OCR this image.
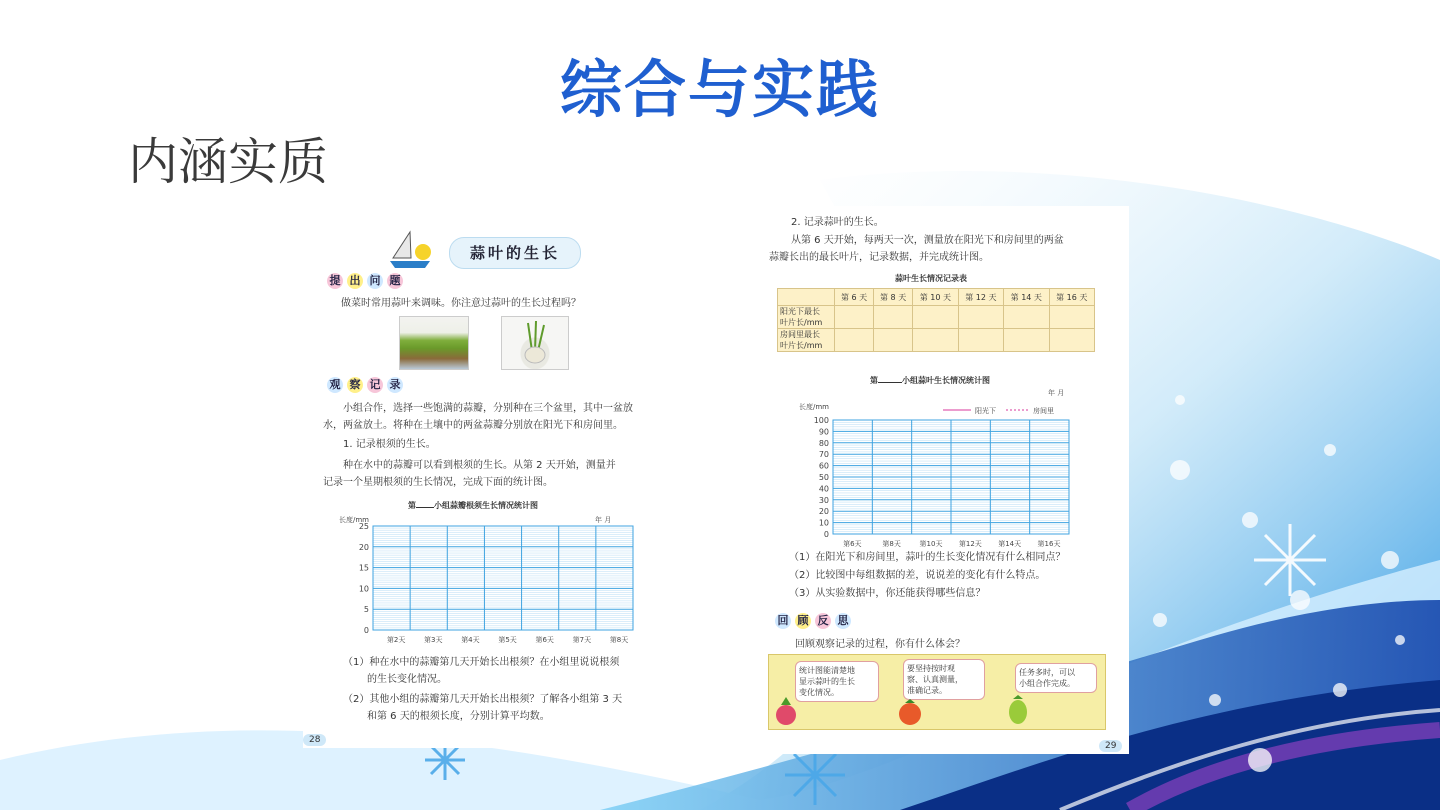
综合与实践
内涵实质
蒜叶的生长
提 出 问 题
做菜时常用蒜叶来调味。你注意过蒜叶的生长过程吗？
观 察 记 录
小组合作，选择一些饱满的蒜瓣，分别种在三个盆里，其中一盆放
水，两盆放土。将种在土壤中的两盆蒜瓣分别放在阳光下和房间里。
1. 记录根须的生长。
种在水中的蒜瓣可以看到根须的生长。从第 2 天开始，测量并
记录一个星期根须的生长情况，完成下面的统计图。
第 小组蒜瓣根须生长情况统计图
长度/mm	年 月
0
5
10
15
20
25
第2天	第3天	第4天	第5天	第6天	第7天	第8天
（1）种在水中的蒜瓣第几天开始长出根须？在小组里说说根须
的生长变化情况。
（2）其他小组的蒜瓣第几天开始长出根须？了解各小组第 3 天
和第 6 天的根须长度，分别计算平均数。
28
2. 记录蒜叶的生长。
从第 6 天开始，每两天一次，测量放在阳光下和房间里的两盆
蒜瓣长出的最长叶片，记录数据，并完成统计图。
蒜叶生长情况记录表
	第 6 天	第 8 天	第 10 天	第 12 天	第 14 天	第 16 天
阳光下最长
叶片长/mm						
房间里最长
叶片长/mm						
第	小组蒜叶生长情况统计图
年 月
长度/mm
0
10
20
30
40
50
60
70
80
90
100
第6天	第8天	第10天 第12天 第14天 第16天
阳光下	房间里
（1）在阳光下和房间里，蒜叶的生长变化情况有什么相同点？
（2）比较图中每组数据的差，说说差的变化有什么特点。
（3）从实验数据中，你还能获得哪些信息？
回 顾 反 思
回顾观察记录的过程，你有什么体会？
统计图能清楚地
显示蒜叶的生长
变化情况。
要坚持按时观
察、认真测量，
准确记录。
任务多时，可以
小组合作完成。
29
